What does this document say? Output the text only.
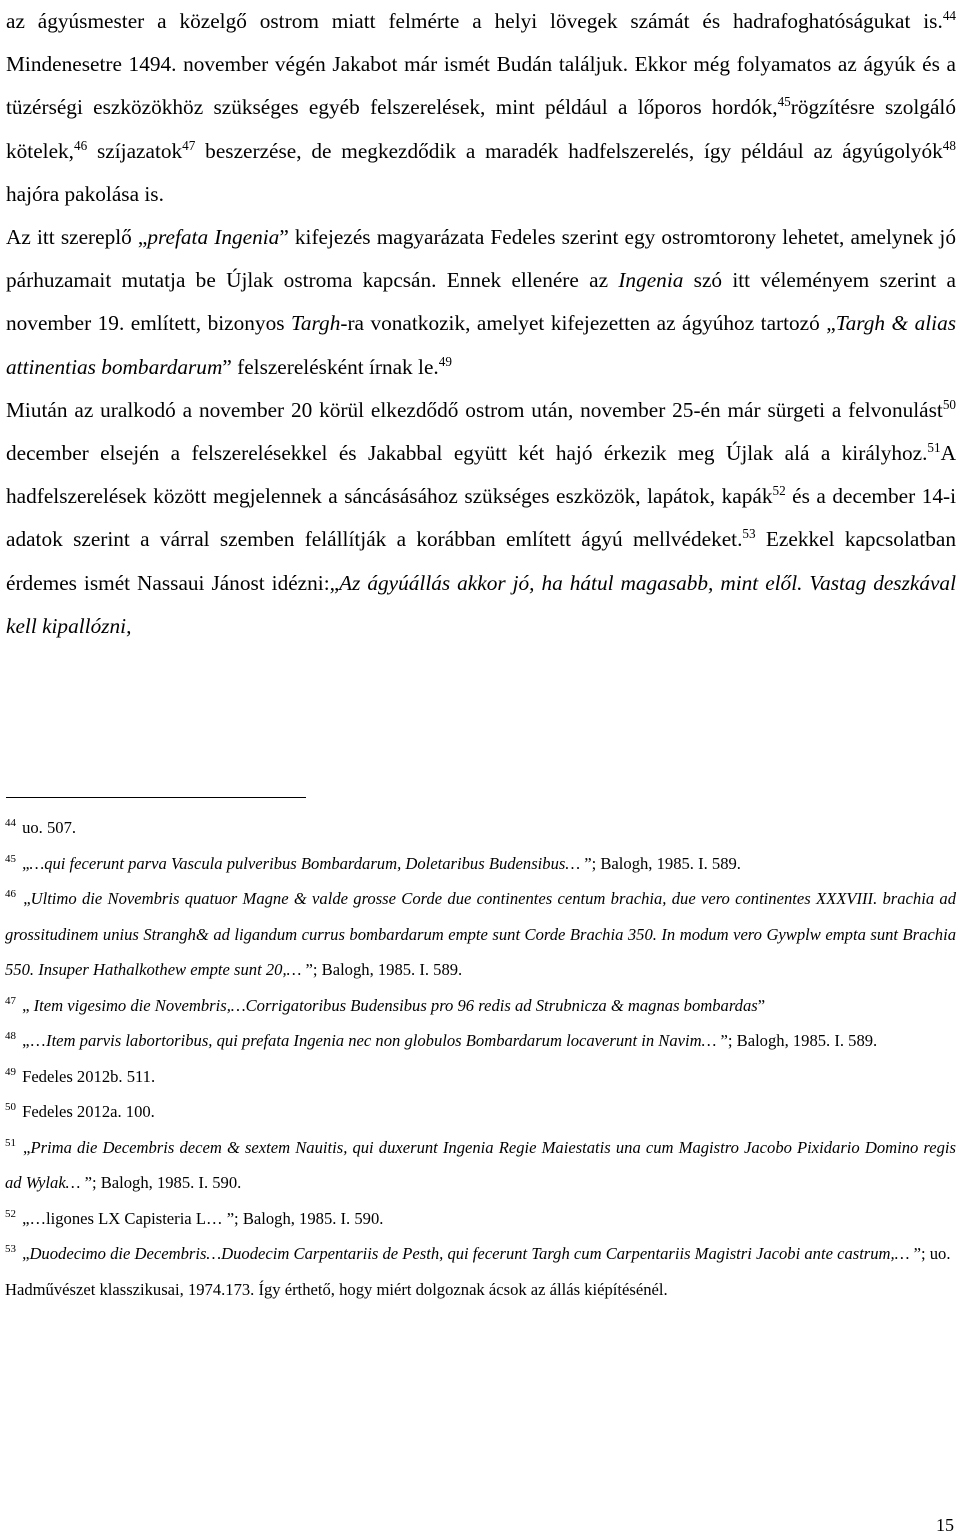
az ágyúsmester a közelgő ostrom miatt felmérte a helyi lövegek számát és hadrafoghatóságukat is.$^{44}$ Mindenesetre 1494. november végén Jakabot már ismét Budán találjuk. Ekkor még folyamatos az ágyúk és a tüzérségi eszközökhöz szükséges egyéb felszerelések, mint például a lőporos hordók,$^{45}$rögzítésre szolgáló kötelek,$^{46}$ szíjazatok$^{47}$ beszerzése, de megkezdődik a maradék hadfelszerelés, így például az ágyúgolyók$^{48}$ hajóra pakolása is.

Az itt szereplő „prefata Ingenia” kifejezés magyarázata Fedeles szerint egy ostromtorony lehetet, amelynek jó párhuzamait mutatja be Újlak ostroma kapcsán. Ennek ellenére az Ingenia szó itt véleményem szerint a november 19. említett, bizonyos Targh-ra vonatkozik, amelyet kifejezetten az ágyúhoz tartozó „Targh & alias attinentias bombardarum” felszerelésként írnak le.$^{49}$

Miután az uralkodó a november 20 körül elkezdődő ostrom után, november 25-én már sürgeti a felvonulást$^{50}$ december elsején a felszerelésekkel és Jakabbal együtt két hajó érkezik meg Újlak alá a királyhoz.$^{51}$A hadfelszerelések között megjelennek a sáncásásához szükséges eszközök, lapátok, kapák$^{52}$ és a december 14-i adatok szerint a várral szemben felállítják a korábban említett ágyú mellvédeket.$^{53}$ Ezekkel kapcsolatban érdemes ismét Nassaui Jánost idézni:„Az ágyúállás akkor jó, ha hátul magasabb, mint elől. Vastag deszkával kell kipallózni,

$^{44}$ uo. 507.

$^{45}$ „…qui fecerunt parva Vascula pulveribus Bombardarum, Doletaribus Budensibus… ”; Balogh, 1985. I. 589.

$^{46}$ „Ultimo die Novembris quatuor Magne & valde grosse Corde due continentes centum brachia, due vero continentes XXXVIII. brachia ad grossitudinem unius Strangh& ad ligandum currus bombardarum empte sunt Corde Brachia 350. In modum vero Gywplw empta sunt Brachia 550. Insuper Hathalkothew empte sunt 20,… ”; Balogh, 1985. I. 589.

$^{47}$ „ Item vigesimo die Novembris,…Corrigatoribus Budensibus pro 96 redis ad Strubnicza & magnas bombardas”

$^{48}$ „…Item parvis labortoribus, qui prefata Ingenia nec non globulos Bombardarum locaverunt in Navim… ”; Balogh, 1985. I. 589.

$^{49}$ Fedeles 2012b. 511.

$^{50}$ Fedeles 2012a. 100.

$^{51}$ „Prima die Decembris decem & sextem Nauitis, qui duxerunt Ingenia Regie Maiestatis una cum Magistro Jacobo Pixidario Domino regis ad Wylak… ”; Balogh, 1985. I. 590.

$^{52}$ „…ligones LX Capisteria L… ”; Balogh, 1985. I. 590.

$^{53}$ „Duodecimo die Decembris…Duodecim Carpentariis de Pesth, qui fecerunt Targh cum Carpentariis Magistri Jacobi ante castrum,… ”; uo.

Hadművészet klasszikusai, 1974.173. Így érthető, hogy miért dolgoznak ácsok az állás kiépítésénél.

15
